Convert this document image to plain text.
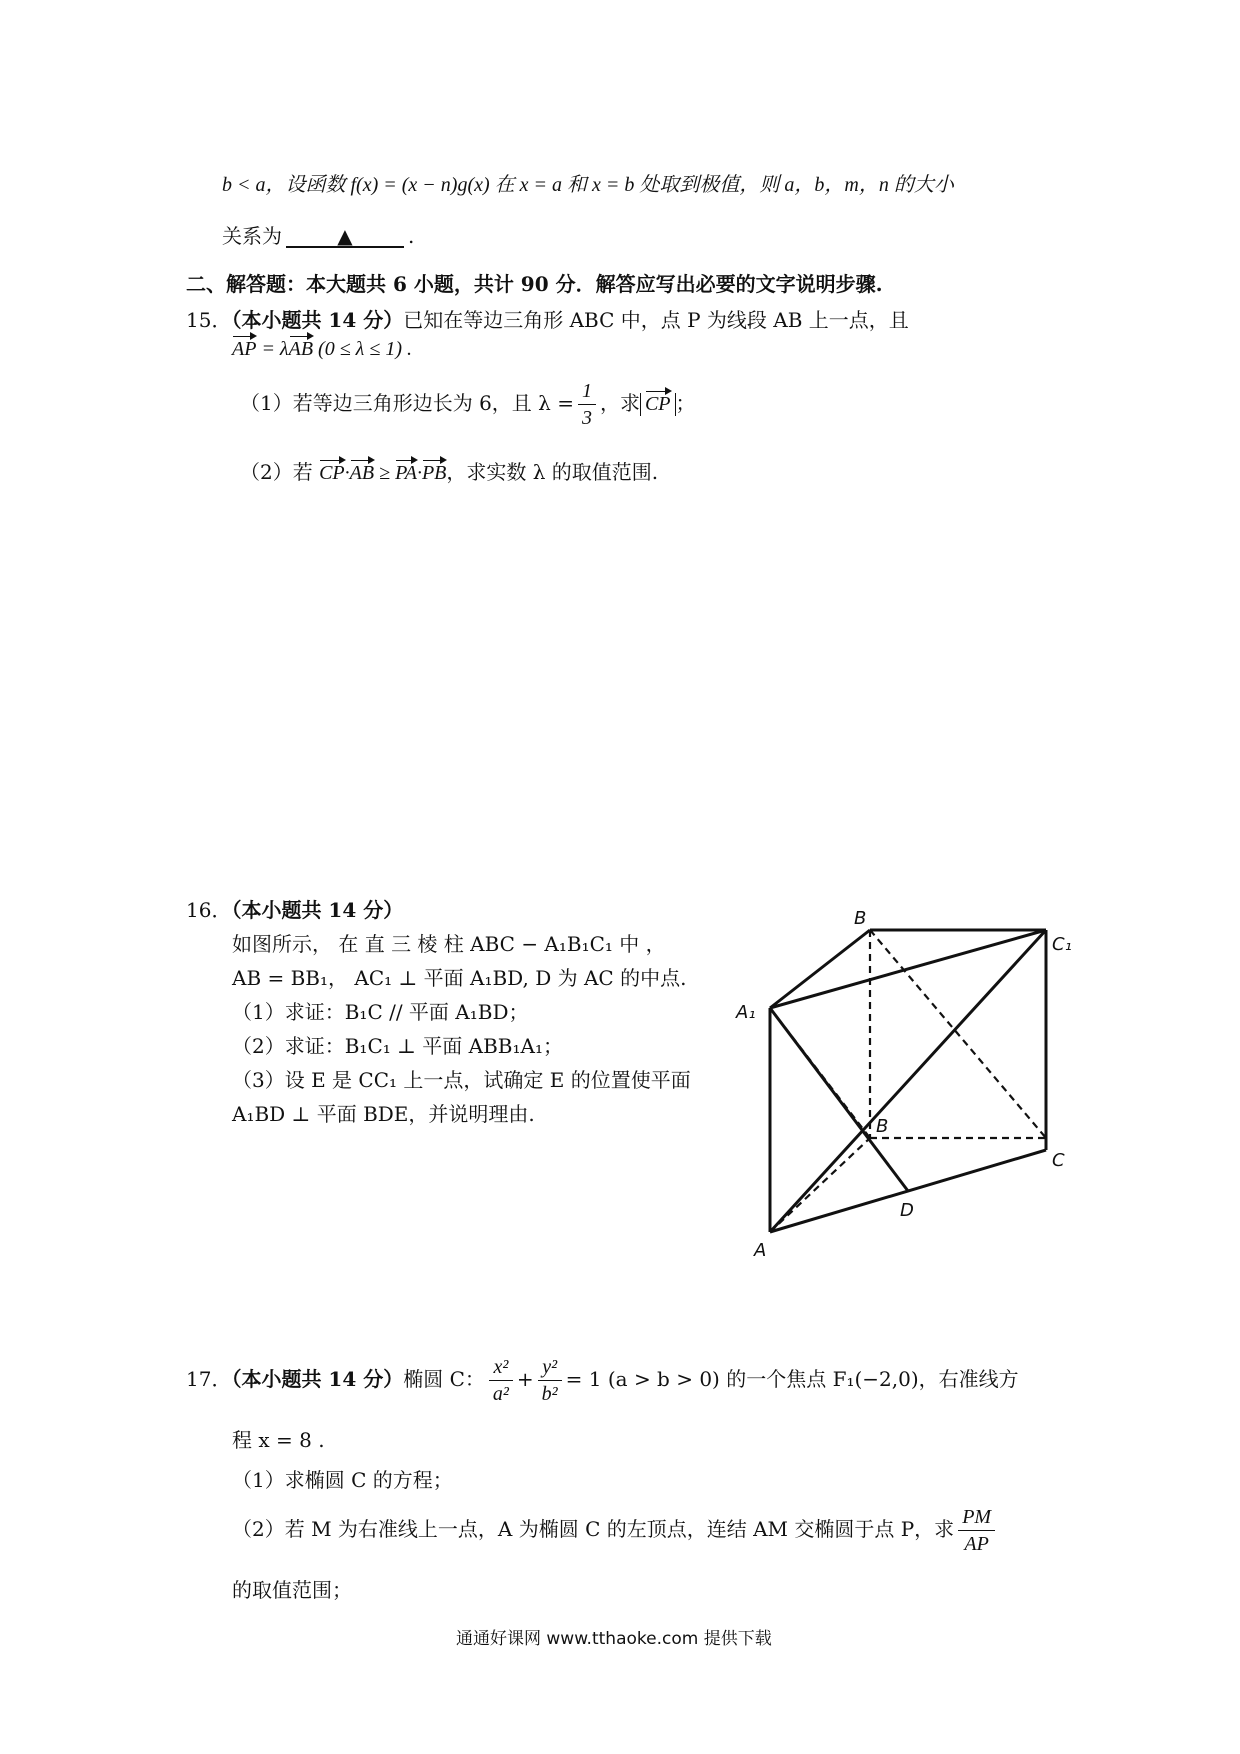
b < a，设函数 f(x) = (x − n)g(x) 在 x = a 和 x = b 处取到极值，则 a，b，m，n 的大小
关系为	▲	.
二、解答题：本大题共 6 小题，共计 90 分．解答应写出必要的文字说明步骤.
15．（本小题共 14 分）已知在等边三角形 ABC 中，点 P 为线段 AB 上一点，且
AP = λAB (0 ≤ λ ≤ 1) .
（1）若等边三角形边长为 6，且 $\lambda = \frac{1}{3}$ ，求 CP ；
（2）若 CP·AB ≥ PA·PB，求实数 λ 的取值范围.
16．（本小题共 14 分）
如图所示， 在 直 三 棱 柱 ABC − A₁B₁C₁ 中 ，
AB = BB₁， AC₁ ⊥ 平面 A₁BD, D 为 AC 的中点.
（1）求证：B₁C // 平面 A₁BD；
（2）求证：B₁C₁ ⊥ 平面 ABB₁A₁；
（3）设 E 是 CC₁ 上一点，试确定 E 的位置使平面
A₁BD ⊥ 平面 BDE，并说明理由.
B
C₁
A₁
B
C
D
A
17．（本小题共 14 分）椭圆 C： $\frac{\text{x²}}{\text{a²}} + \frac{\text{y²}}{\text{b²}} = 1$ (a > b > 0) 的一个焦点 F₁(−2,0)，右准线方
程 x = 8 .
（1）求椭圆 C 的方程；
（2）若 M 为右准线上一点，A 为椭圆 C 的左顶点，连结 AM 交椭圆于点 P，求 $\frac{PM}{AP}$
的取值范围；
通通好课网 www.tthaoke.com 提供下载
